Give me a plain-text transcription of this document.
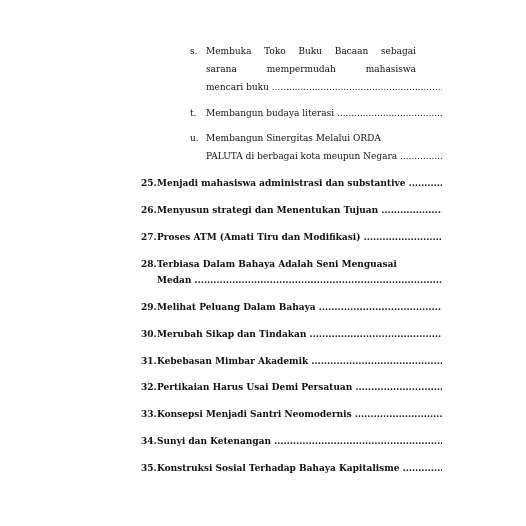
s. Membuka Toko Buku Bacaan sebagai
sarana	mempermudah	mahasiswa
mencari buku .....
t. Membangun budaya literasi .....
u. Membangun Sinergitas Melalui ORDA
PALUTA di berbagai kota meupun Negara .....
25. Menjadi mahasiswa administrasi dan substantive .....
26. Menyusun strategi dan Menentukan Tujuan .....
27. Proses ATM (Amati Tiru dan Modifikasi) .....
28. Terbiasa Dalam Bahaya Adalah Seni Menguasai
Medan .....
29. Melihat Peluang Dalam Bahaya .....
30. Merubah Sikap dan Tindakan .....
31. Kebebasan Mimbar Akademik .....
32. Pertikaian Harus Usai Demi Persatuan .....
33. Konsepsi Menjadi Santri Neomodernis .....
34. Sunyi dan Ketenangan .....
35. Konstruksi Sosial Terhadap Bahaya Kapitalisme .....
